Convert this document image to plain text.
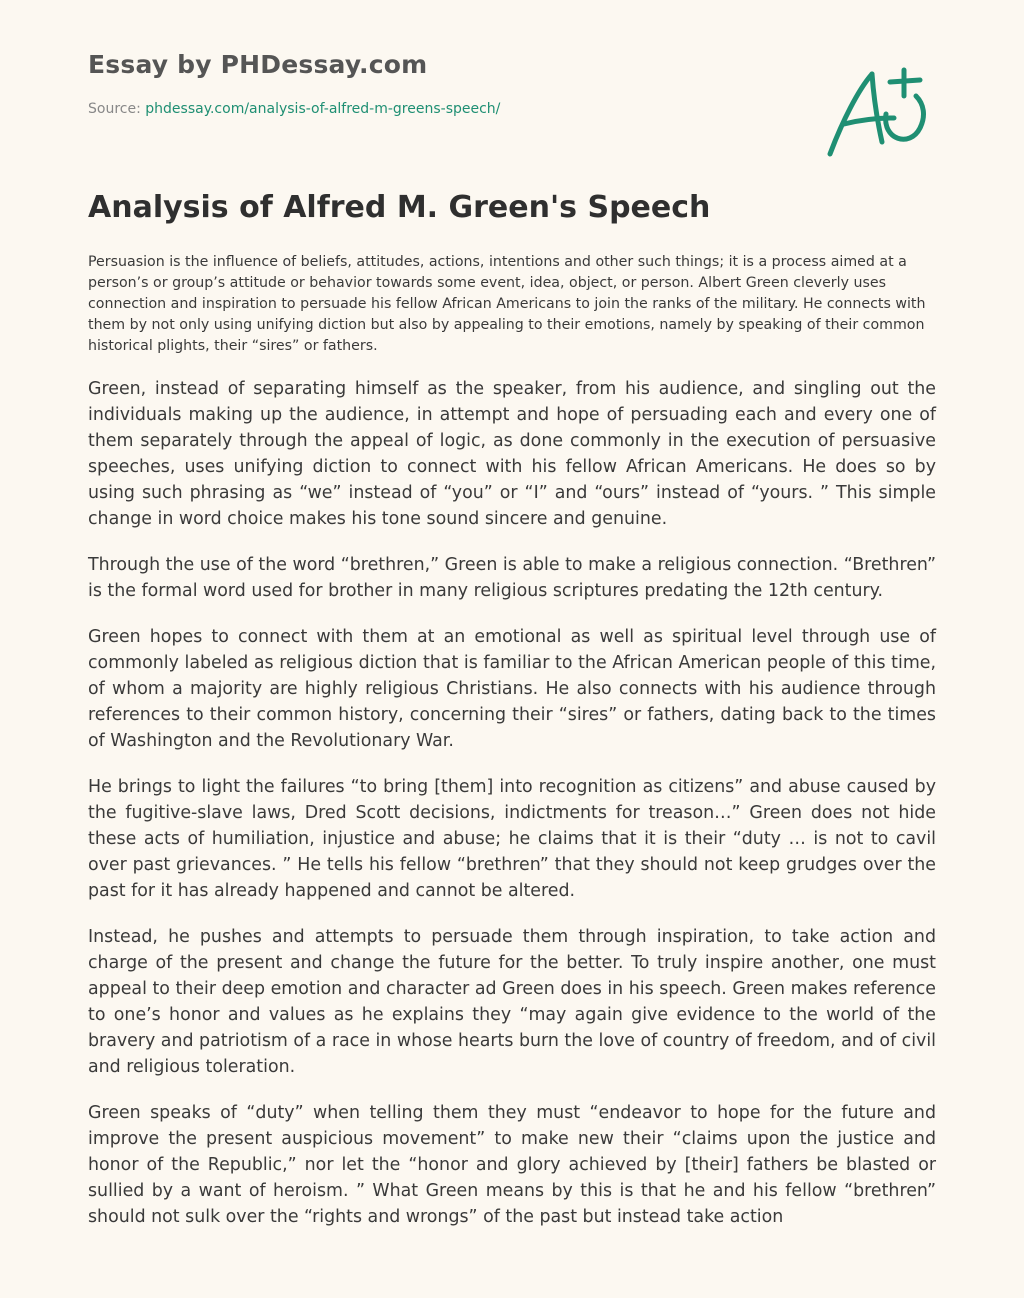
Essay by PHDessay.com
Source: phdessay.com/analysis-of-alfred-m-greens-speech/
Analysis of Alfred M. Green's Speech

Persuasion is the influence of beliefs, attitudes, actions, intentions and other such things; it is a process aimed at a person’s or group’s attitude or behavior towards some event, idea, object, or person. Albert Green cleverly uses connection and inspiration to persuade his fellow African Americans to join the ranks of the military. He connects with them by not only using unifying diction but also by appealing to their emotions, namely by speaking of their common historical plights, their “sires” or fathers.

Green, instead of separating himself as the speaker, from his audience, and singling out the individuals making up the audience, in attempt and hope of persuading each and every one of them separately through the appeal of logic, as done commonly in the execution of persuasive speeches, uses unifying diction to connect with his fellow African Americans. He does so by using such phrasing as “we” instead of “you” or “I” and “ours” instead of “yours. ” This simple change in word choice makes his tone sound sincere and genuine.

Through the use of the word “brethren,” Green is able to make a religious connection. “Brethren” is the formal word used for brother in many religious scriptures predating the 12th century.

Green hopes to connect with them at an emotional as well as spiritual level through use of commonly labeled as religious diction that is familiar to the African American people of this time, of whom a majority are highly religious Christians. He also connects with his audience through references to their common history, concerning their “sires” or fathers, dating back to the times of Washington and the Revolutionary War.

He brings to light the failures “to bring [them] into recognition as citizens” and abuse caused by the fugitive-slave laws, Dred Scott decisions, indictments for treason…” Green does not hide these acts of humiliation, injustice and abuse; he claims that it is their “duty … is not to cavil over past grievances. ” He tells his fellow “brethren” that they should not keep grudges over the past for it has already happened and cannot be altered.

Instead, he pushes and attempts to persuade them through inspiration, to take action and charge of the present and change the future for the better. To truly inspire another, one must appeal to their deep emotion and character ad Green does in his speech. Green makes reference to one’s honor and values as he explains they “may again give evidence to the world of the bravery and patriotism of a race in whose hearts burn the love of country of freedom, and of civil and religious toleration.

Green speaks of “duty” when telling them they must “endeavor to hope for the future and improve the present auspicious movement” to make new their “claims upon the justice and honor of the Republic,” nor let the “honor and glory achieved by [their] fathers be blasted or sullied by a want of heroism. ” What Green means by this is that he and his fellow “brethren” should not sulk over the “rights and wrongs” of the past but instead take action
